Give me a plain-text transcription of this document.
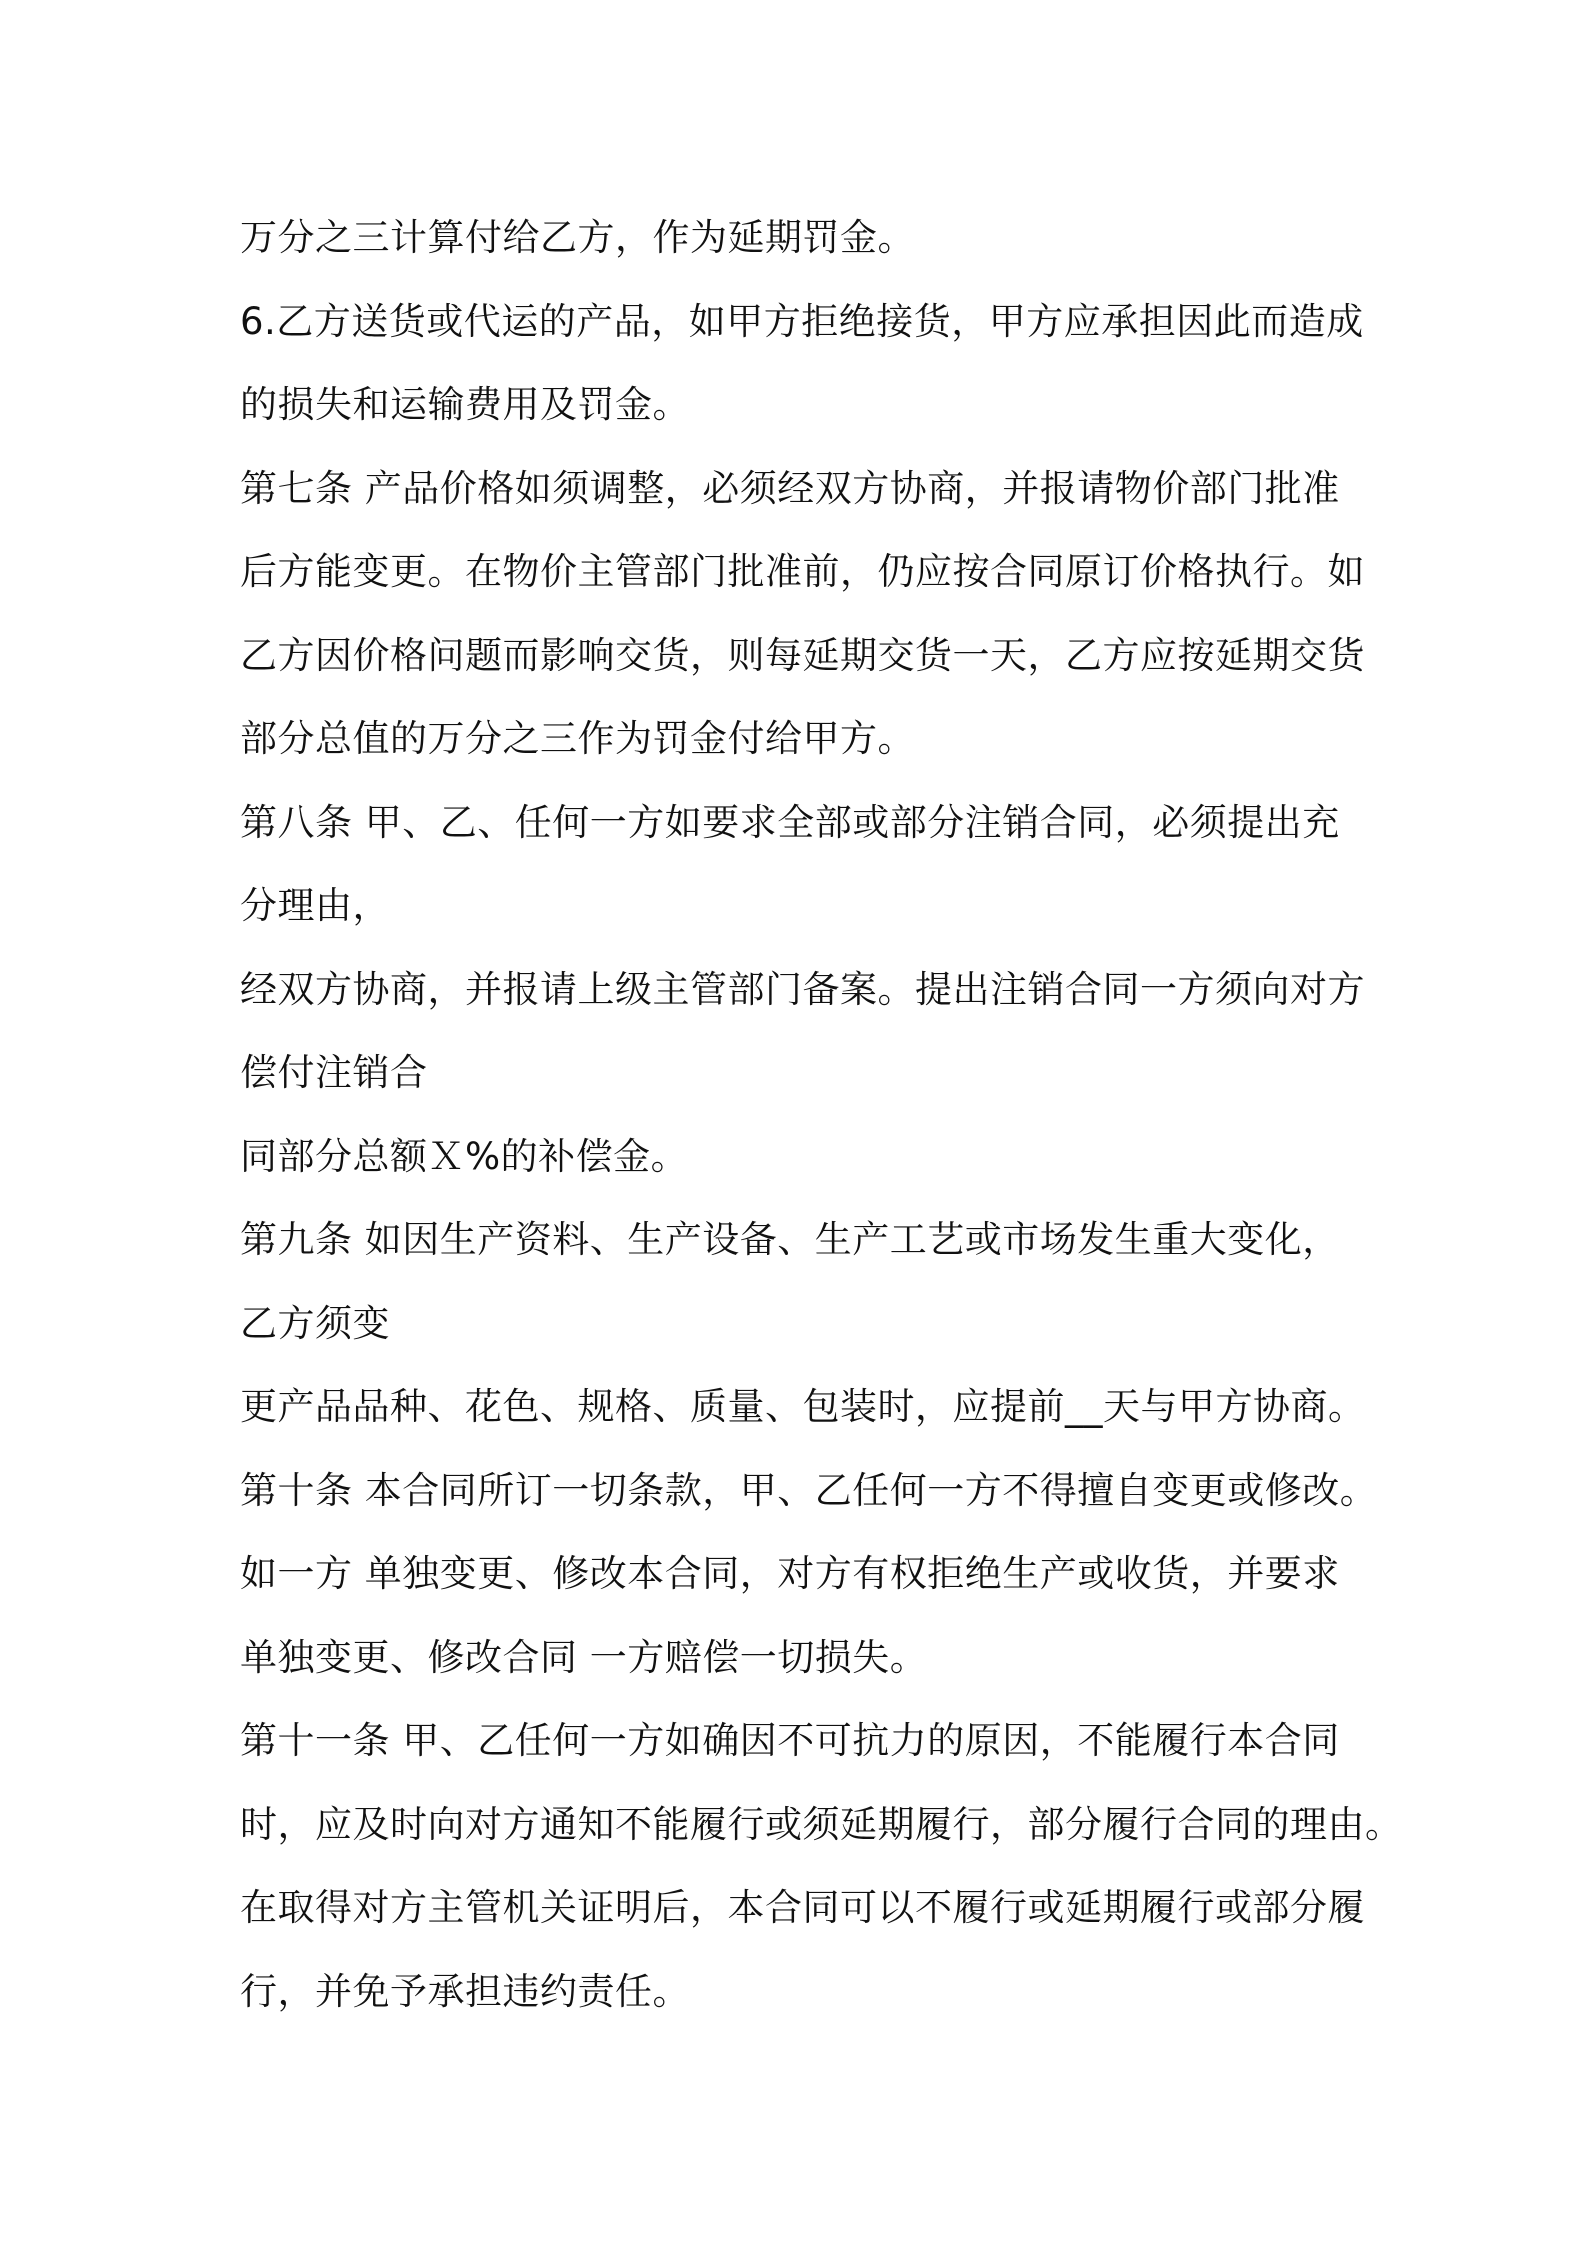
万分之三计算付给乙方，作为延期罚金。
6.乙方送货或代运的产品，如甲方拒绝接货，甲方应承担因此而造成
的损失和运输费用及罚金。
第七条 产品价格如须调整，必须经双方协商，并报请物价部门批准
后方能变更。在物价主管部门批准前，仍应按合同原订价格执行。如
乙方因价格问题而影响交货，则每延期交货一天，乙方应按延期交货
部分总值的万分之三作为罚金付给甲方。
第八条 甲、乙、任何一方如要求全部或部分注销合同，必须提出充
分理由，
经双方协商，并报请上级主管部门备案。提出注销合同一方须向对方
偿付注销合
同部分总额Ｘ%的补偿金。
第九条 如因生产资料、生产设备、生产工艺或市场发生重大变化，
乙方须变
更产品品种、花色、规格、质量、包装时，应提前__天与甲方协商。
第十条 本合同所订一切条款，甲、乙任何一方不得擅自变更或修改。
如一方 单独变更、修改本合同，对方有权拒绝生产或收货，并要求
单独变更、修改合同 一方赔偿一切损失。
第十一条 甲、乙任何一方如确因不可抗力的原因，不能履行本合同
时，应及时向对方通知不能履行或须延期履行，部分履行合同的理由。
在取得对方主管机关证明后，本合同可以不履行或延期履行或部分履
行，并免予承担违约责任。
